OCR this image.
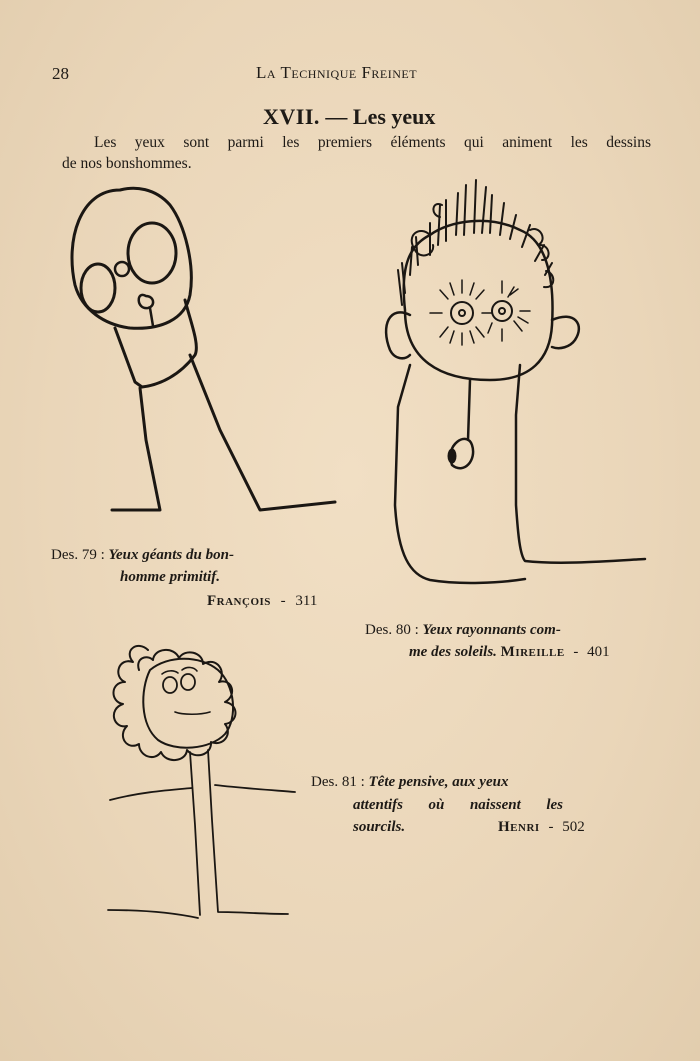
28	La Technique Freinet
XVII. — Les yeux
Les yeux sont parmi les premiers éléments qui animent les dessins
de nos bonshommes.
Des. 79 : Yeux géants du bon-
homme primitif.
François - 311
Des. 80 : Yeux rayonnants com-
me des soleils. Mireille - 401
Des. 81 : Tête pensive, aux yeux
attentifs où naissent les
sourcils.	Henri - 502
